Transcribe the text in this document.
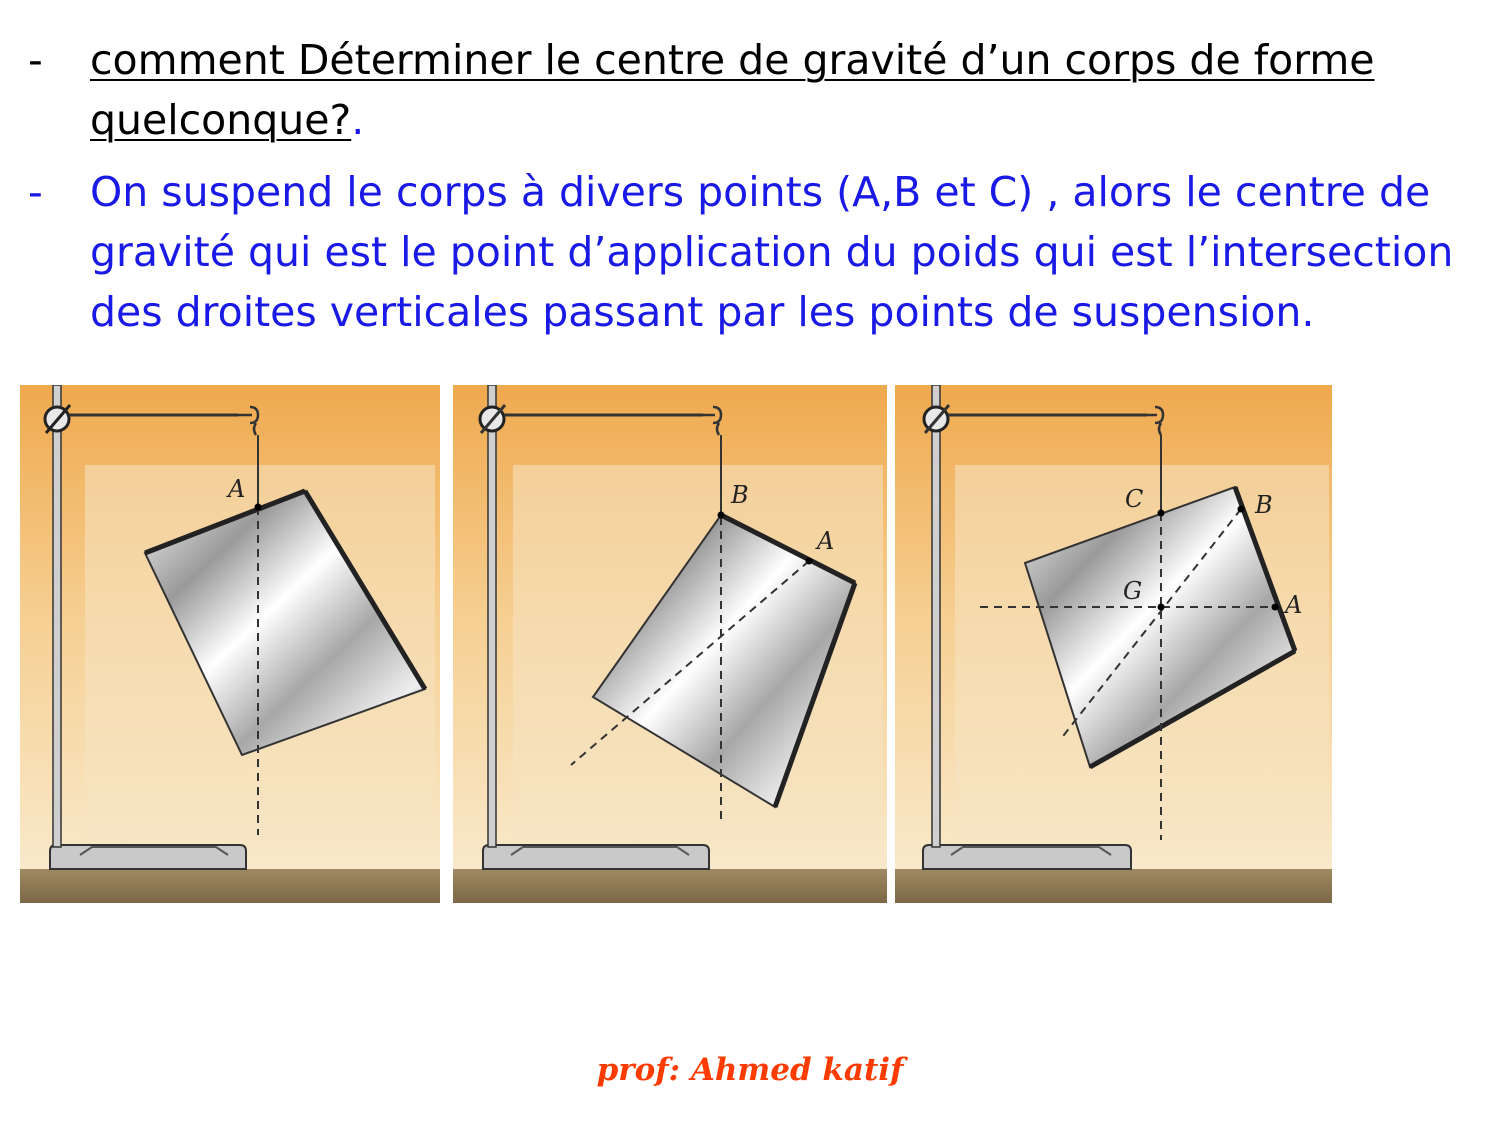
-	comment Déterminer le centre de gravité d’un corps de forme quelconque?.
-	On suspend le corps à divers points (A,B et C) , alors le centre de gravité qui est le point d’application du poids qui est l’intersection des droites verticales passant par les points de suspension.
A	B
A
C	B
G	A
prof: Ahmed katif
